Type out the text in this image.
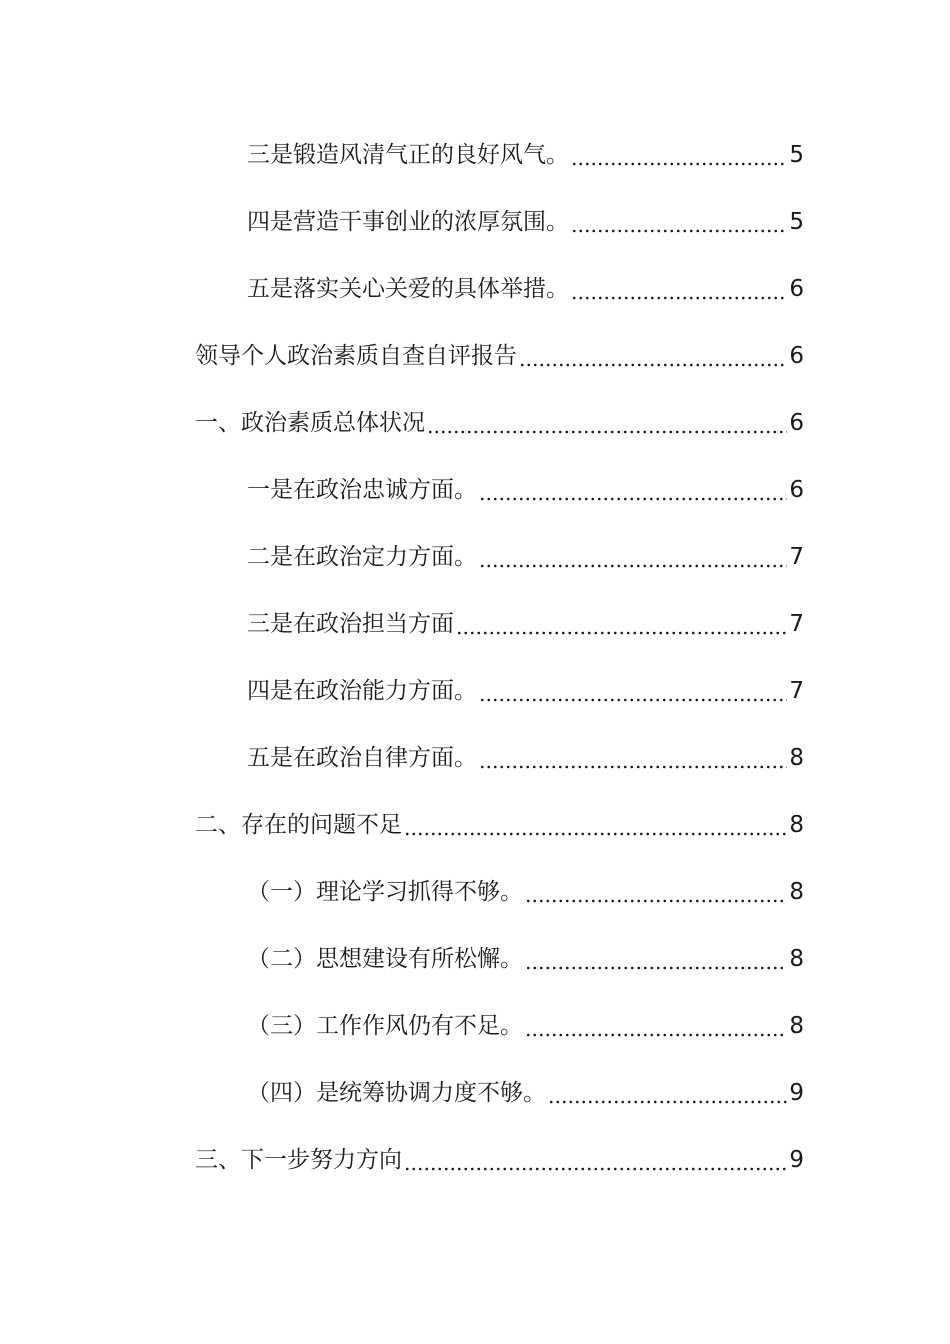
三是锻造风清气正的良好风气。	5
四是营造干事创业的浓厚氛围。	5
五是落实关心关爱的具体举措。	6
领导个人政治素质自查自评报告	6
一、政治素质总体状况	6
一是在政治忠诚方面。	6
二是在政治定力方面。	7
三是在政治担当方面	7
四是在政治能力方面。	7
五是在政治自律方面。	8
二、存在的问题不足	8
（一）理论学习抓得不够。	8
（二）思想建设有所松懈。	8
（三）工作作风仍有不足。	8
（四）是统筹协调力度不够。	9
三、下一步努力方向	9
